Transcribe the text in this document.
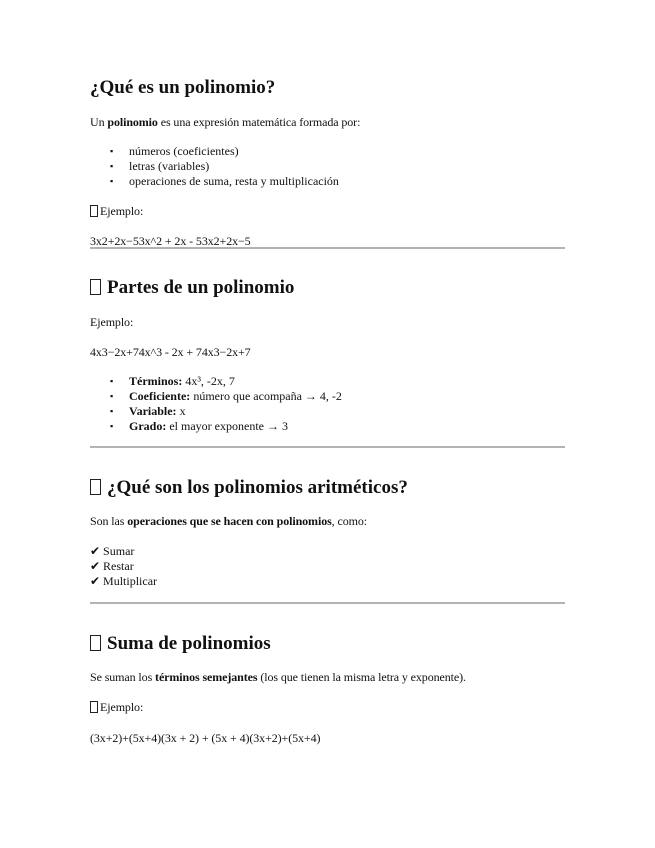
¿Qué es un polinomio?
Un polinomio es una expresión matemática formada por:
▪ números (coeficientes)
▪ letras (variables)
▪ operaciones de suma, resta y multiplicación
Ejemplo:
3x2+2x−53x^2 + 2x - 53x2+2x−5
Partes de un polinomio
Ejemplo:
4x3−2x+74x^3 - 2x + 74x3−2x+7
▪ Términos: 4x³, -2x, 7
▪ Coeficiente: número que acompaña → 4, -2
▪ Variable: x
▪ Grado: el mayor exponente → 3
¿Qué son los polinomios aritméticos?
Son las operaciones que se hacen con polinomios, como:
✔ Sumar
✔ Restar
✔ Multiplicar
Suma de polinomios
Se suman los términos semejantes (los que tienen la misma letra y exponente).
Ejemplo:
(3x+2)+(5x+4)(3x + 2) + (5x + 4)(3x+2)+(5x+4)
